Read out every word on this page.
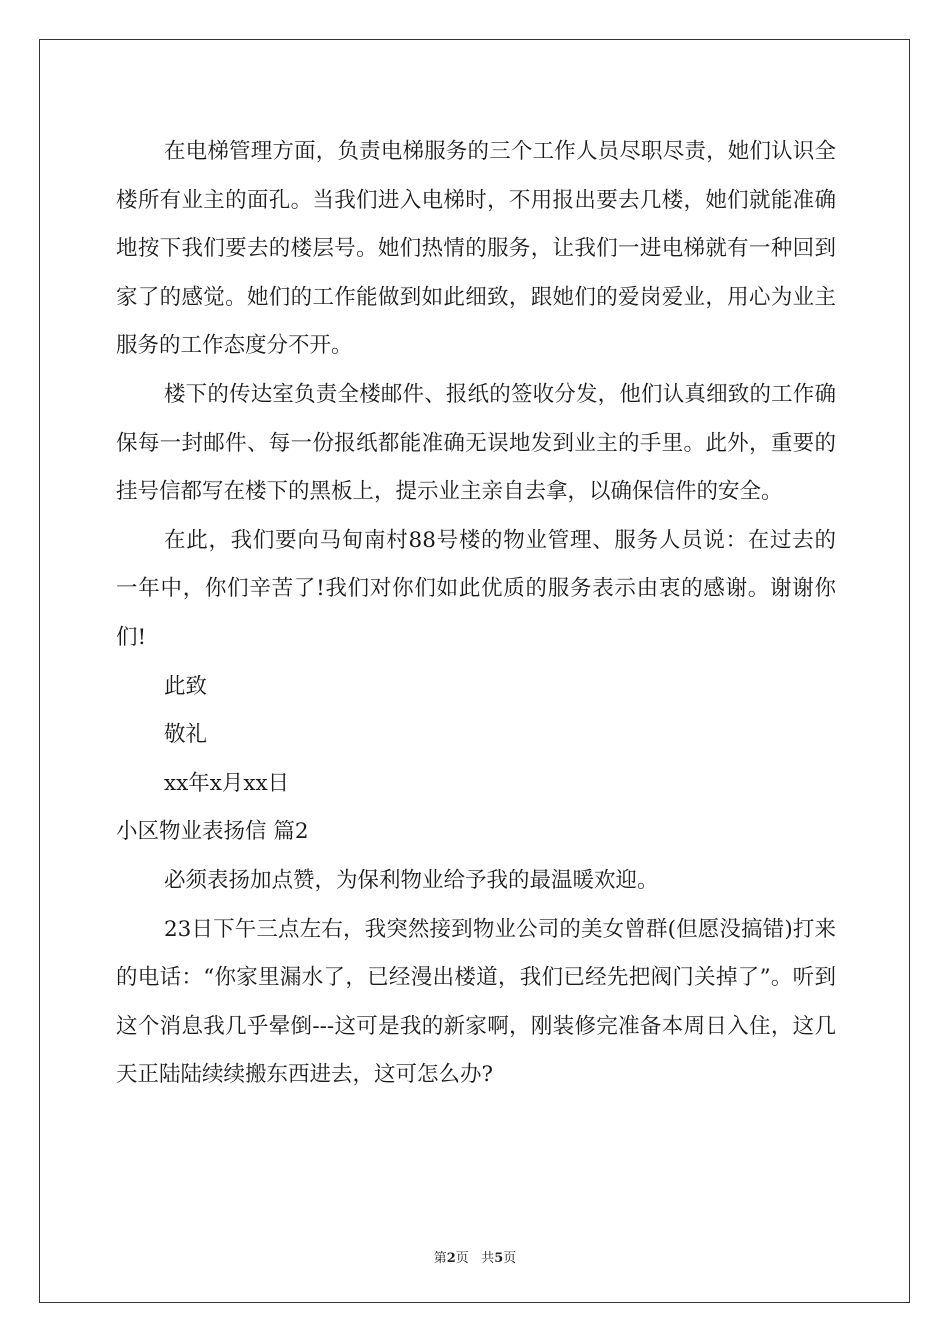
在电梯管理方面，负责电梯服务的三个工作人员尽职尽责，她们认识全楼所有业主的面孔。当我们进入电梯时，不用报出要去几楼，她们就能准确地按下我们要去的楼层号。她们热情的服务，让我们一进电梯就有一种回到家了的感觉。她们的工作能做到如此细致，跟她们的爱岗爱业，用心为业主服务的工作态度分不开。

楼下的传达室负责全楼邮件、报纸的签收分发，他们认真细致的工作确保每一封邮件、每一份报纸都能准确无误地发到业主的手里。此外，重要的挂号信都写在楼下的黑板上，提示业主亲自去拿，以确保信件的安全。

在此，我们要向马甸南村88号楼的物业管理、服务人员说：在过去的一年中，你们辛苦了!我们对你们如此优质的服务表示由衷的感谢。谢谢你们!

此致

敬礼

xx年x月xx日

小区物业表扬信 篇2

必须表扬加点赞，为保利物业给予我的最温暖欢迎。

23日下午三点左右，我突然接到物业公司的美女曾群(但愿没搞错)打来的电话：“你家里漏水了，已经漫出楼道，我们已经先把阀门关掉了”。听到这个消息我几乎晕倒---这可是我的新家啊，刚装修完准备本周日入住，这几天正陆陆续续搬东西进去，这可怎么办?

第2页 共5页
